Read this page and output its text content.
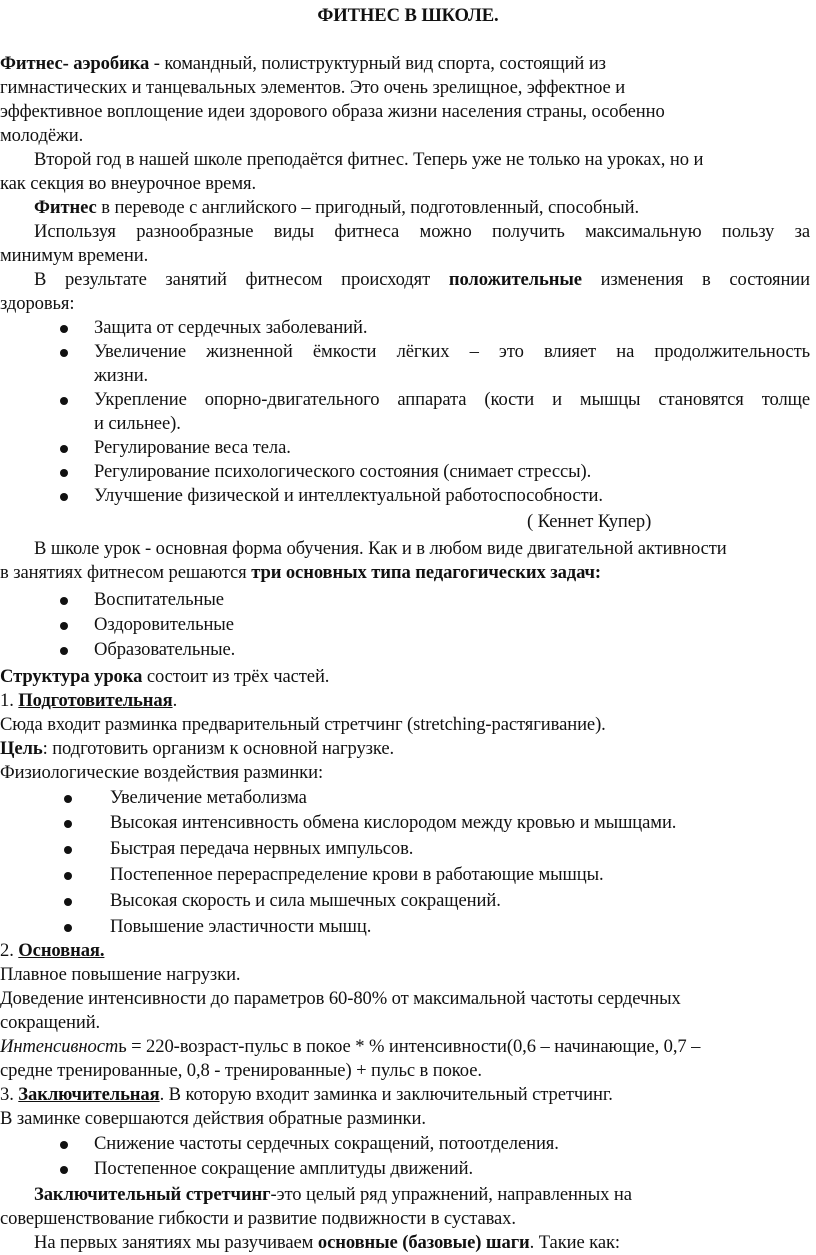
ФИТНЕС В ШКОЛЕ.
Фитнес- аэробика - командный, полиструктурный вид спорта, состоящий из
гимнастических и танцевальных элементов. Это очень зрелищное, эффектное и
эффективное воплощение идеи здорового образа жизни населения страны, особенно
молодёжи.
Второй год в нашей школе преподаётся фитнес. Теперь уже не только на уроках, но и
как секция во внеурочное время.
Фитнес в переводе с английского – пригодный, подготовленный, способный.
Используя разнообразные виды фитнеса можно получить максимальную пользу за
минимум времени.
В результате занятий фитнесом происходят положительные изменения в состоянии
здоровья:
Защита от сердечных заболеваний.
Увеличение жизненной ёмкости лёгких – это влияет на продолжительность
жизни.
Укрепление опорно-двигательного аппарата (кости и мышцы становятся толще
и сильнее).
Регулирование веса тела.
Регулирование психологического состояния (снимает стрессы).
Улучшение физической и интеллектуальной работоспособности.
( Кеннет Купер)
В школе урок - основная форма обучения. Как и в любом виде двигательной активности
в занятиях фитнесом решаются три основных типа педагогических задач:
Воспитательные
Оздоровительные
Образовательные.
Структура урока состоит из трёх частей.
1. Подготовительная.
Сюда входит разминка предварительный стретчинг (stretching-растягивание).
Цель: подготовить организм к основной нагрузке.
Физиологические воздействия разминки:
Увеличение метаболизма
Высокая интенсивность обмена кислородом между кровью и мышцами.
Быстрая передача нервных импульсов.
Постепенное перераспределение крови в работающие мышцы.
Высокая скорость и сила мышечных сокращений.
Повышение эластичности мышц.
2. Основная.
Плавное повышение нагрузки.
Доведение интенсивности до параметров 60-80% от максимальной частоты сердечных
сокращений.
Интенсивность = 220-возраст-пульс в покое * % интенсивности(0,6 – начинающие, 0,7 –
средне тренированные, 0,8 - тренированные) + пульс в покое.
3. Заключительная. В которую входит заминка и заключительный стретчинг.
В заминке совершаются действия обратные разминки.
Снижение частоты сердечных сокращений, потоотделения.
Постепенное сокращение амплитуды движений.
Заключительный стретчинг-это целый ряд упражнений, направленных на
совершенствование гибкости и развитие подвижности в суставах.
На первых занятиях мы разучиваем основные (базовые) шаги. Такие как:
